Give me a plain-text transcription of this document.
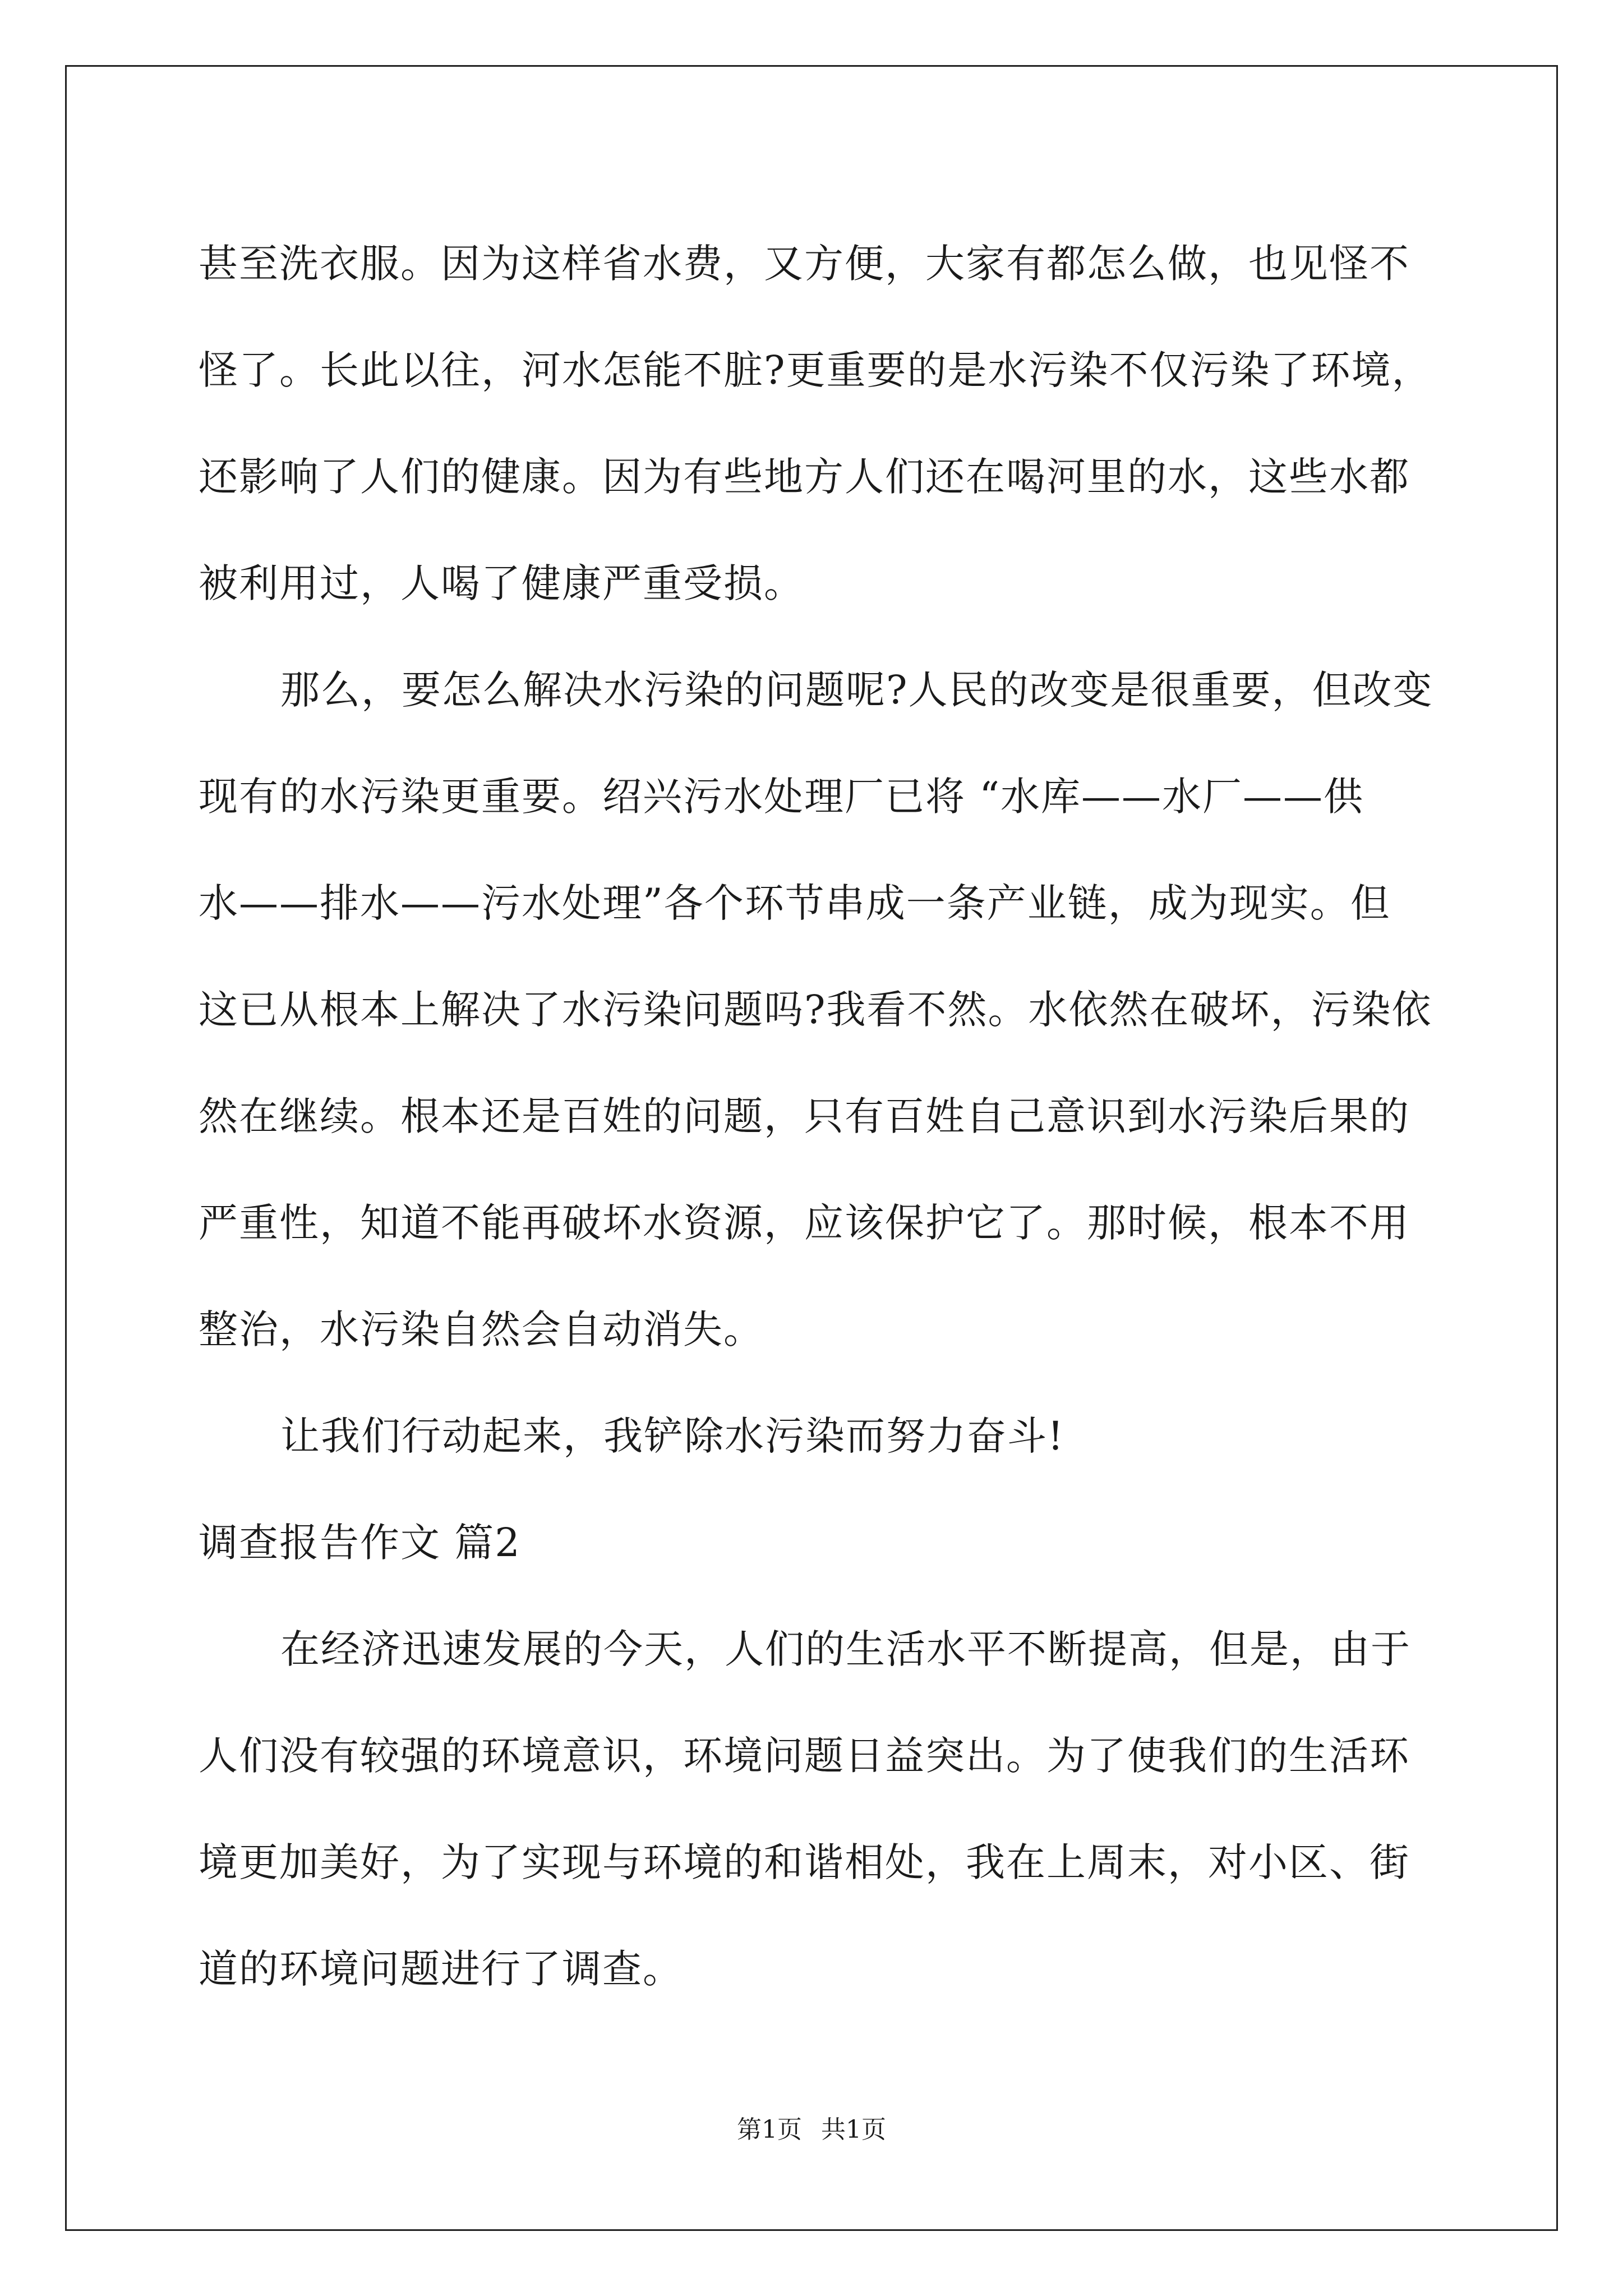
甚至洗衣服。因为这样省水费，又方便，大家有都怎么做，也见怪不
怪了。长此以往，河水怎能不脏?更重要的是水污染不仅污染了环境，
还影响了人们的健康。因为有些地方人们还在喝河里的水，这些水都
被利用过，人喝了健康严重受损。
那么，要怎么解决水污染的问题呢?人民的改变是很重要，但改变
现有的水污染更重要。绍兴污水处理厂已将 “水库——水厂——供
水——排水——污水处理”各个环节串成一条产业链，成为现实。但
这已从根本上解决了水污染问题吗?我看不然。水依然在破坏，污染依
然在继续。根本还是百姓的问题，只有百姓自己意识到水污染后果的
严重性，知道不能再破坏水资源，应该保护它了。那时候，根本不用
整治，水污染自然会自动消失。
让我们行动起来，我铲除水污染而努力奋斗!
调查报告作文 篇2
在经济迅速发展的今天，人们的生活水平不断提高，但是，由于
人们没有较强的环境意识，环境问题日益突出。为了使我们的生活环
境更加美好，为了实现与环境的和谐相处，我在上周末，对小区、街
道的环境问题进行了调查。
第1页 共1页
